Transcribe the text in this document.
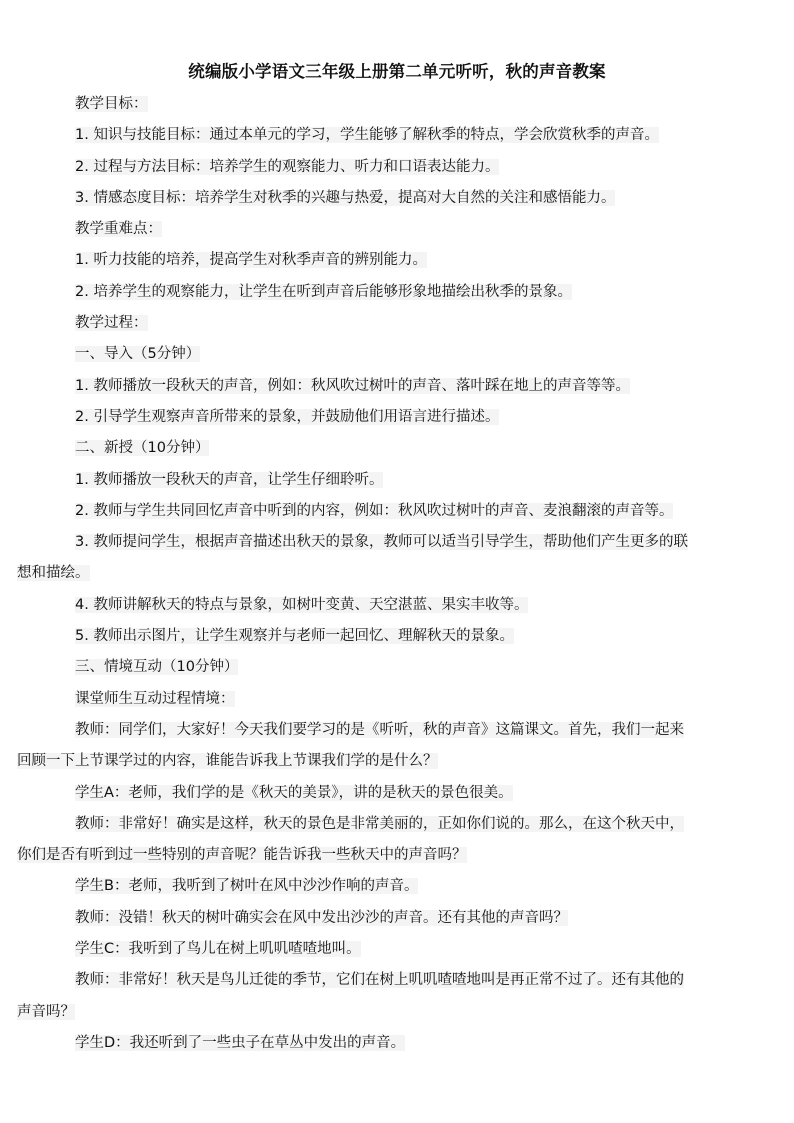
统编版小学语文三年级上册第二单元听听，秋的声音教案
教学目标：
1. 知识与技能目标：通过本单元的学习，学生能够了解秋季的特点，学会欣赏秋季的声音。
2. 过程与方法目标：培养学生的观察能力、听力和口语表达能力。
3. 情感态度目标：培养学生对秋季的兴趣与热爱，提高对大自然的关注和感悟能力。
教学重难点：
1. 听力技能的培养，提高学生对秋季声音的辨别能力。
2. 培养学生的观察能力，让学生在听到声音后能够形象地描绘出秋季的景象。
教学过程：
一、导入（5分钟）
1. 教师播放一段秋天的声音，例如：秋风吹过树叶的声音、落叶踩在地上的声音等等。
2. 引导学生观察声音所带来的景象，并鼓励他们用语言进行描述。
二、新授（10分钟）
1. 教师播放一段秋天的声音，让学生仔细聆听。
2. 教师与学生共同回忆声音中听到的内容，例如：秋风吹过树叶的声音、麦浪翻滚的声音等。
3. 教师提问学生，根据声音描述出秋天的景象，教师可以适当引导学生，帮助他们产生更多的联
想和描绘。
4. 教师讲解秋天的特点与景象，如树叶变黄、天空湛蓝、果实丰收等。
5. 教师出示图片，让学生观察并与老师一起回忆、理解秋天的景象。
三、情境互动（10分钟）
课堂师生互动过程情境：
教师：同学们，大家好！今天我们要学习的是《听听，秋的声音》这篇课文。首先，我们一起来
回顾一下上节课学过的内容，谁能告诉我上节课我们学的是什么？
学生A：老师，我们学的是《秋天的美景》，讲的是秋天的景色很美。
教师：非常好！确实是这样，秋天的景色是非常美丽的，正如你们说的。那么，在这个秋天中，
你们是否有听到过一些特别的声音呢？能告诉我一些秋天中的声音吗？
学生B：老师，我听到了树叶在风中沙沙作响的声音。
教师：没错！秋天的树叶确实会在风中发出沙沙的声音。还有其他的声音吗？
学生C：我听到了鸟儿在树上叽叽喳喳地叫。
教师：非常好！秋天是鸟儿迁徙的季节，它们在树上叽叽喳喳地叫是再正常不过了。还有其他的
声音吗？
学生D：我还听到了一些虫子在草丛中发出的声音。
